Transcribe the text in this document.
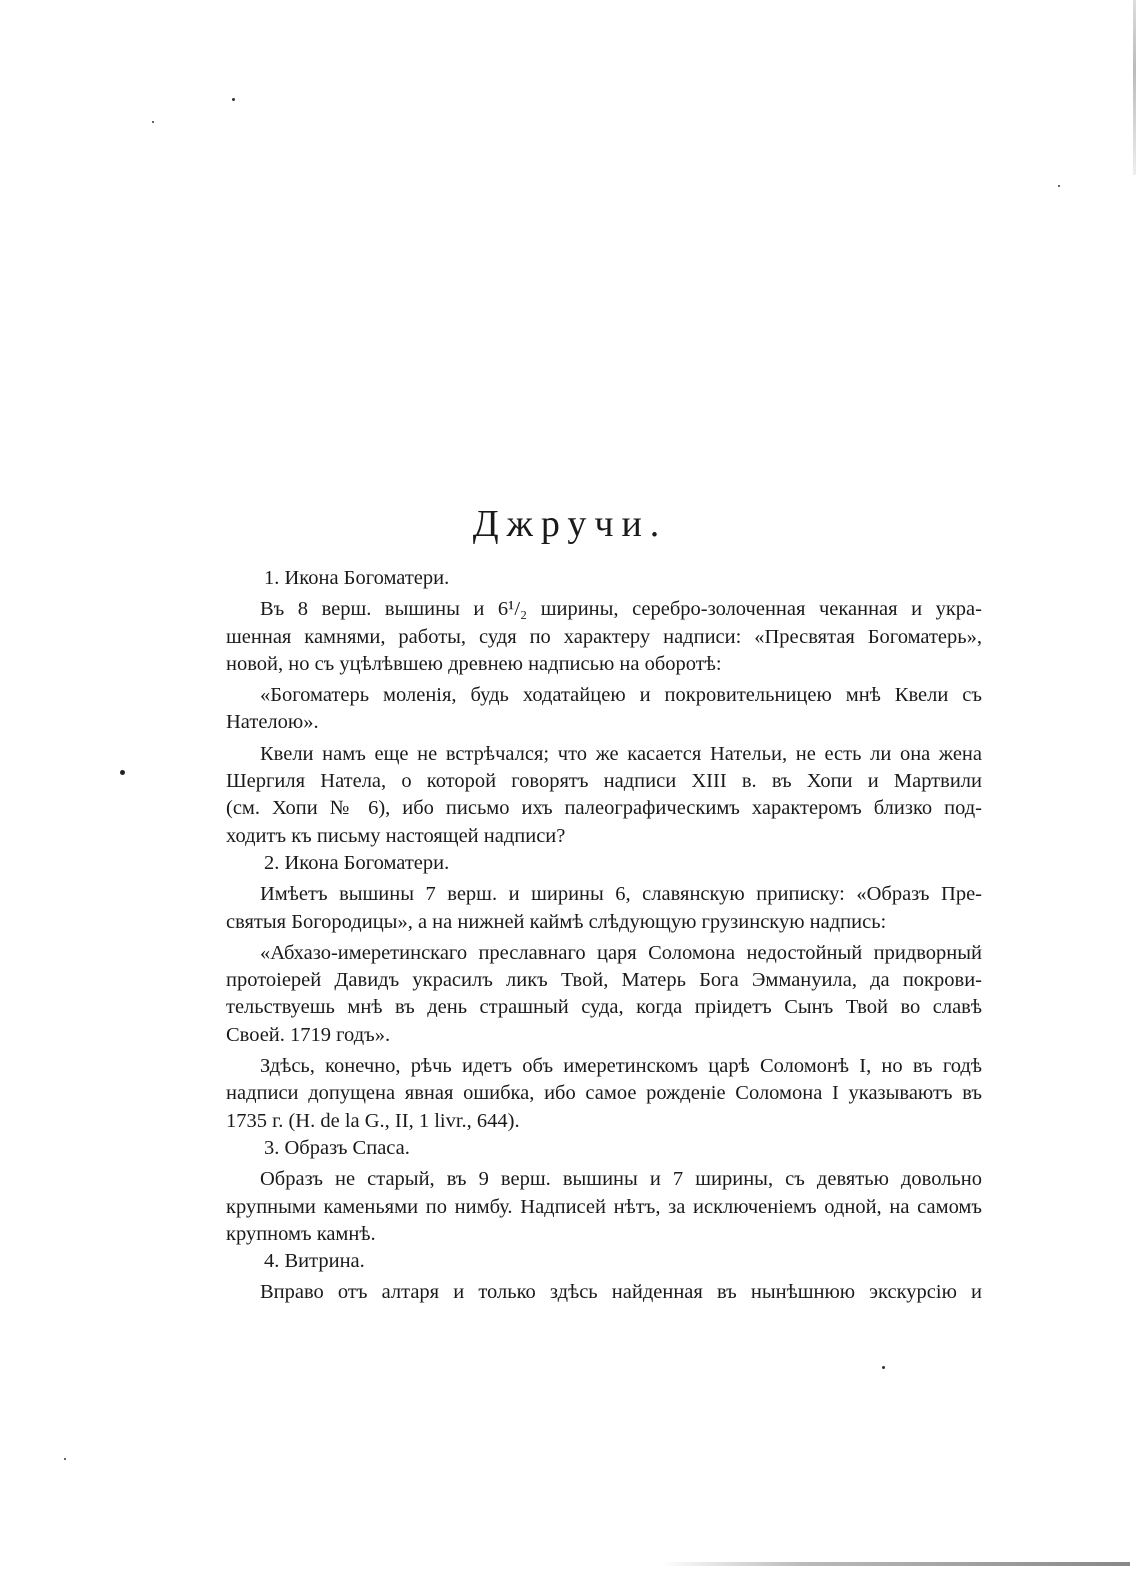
Джручи.
1. Икона Богоматери.
Въ 8 верш. вышины и 6¹/₂ ширины, серебро-золоченная чеканная и укра-
шенная камнями, работы, судя по характеру надписи: «Пресвятая Богоматерь»,
новой, но съ уцѣлѣвшею древнею надписью на оборотѣ:
«Богоматерь моленія, будь ходатайцею и покровительницею мнѣ Квели съ
Нателою».
Квели намъ еще не встрѣчался; что же касается Нательи, не есть ли она жена
Шергиля Натела, о которой говорятъ надписи XIII в. въ Хопи и Мартвили
(см. Хопи № 6), ибо письмо ихъ палеографическимъ характеромъ близко под-
ходитъ къ письму настоящей надписи?
2. Икона Богоматери.
Имѣетъ вышины 7 верш. и ширины 6, славянскую приписку: «Образъ Пре-
святыя Богородицы», а на нижней каймѣ слѣдующую грузинскую надпись:
«Абхазо-имеретинскаго преславнаго царя Соломона недостойный придворный
протоіерей Давидъ украсилъ ликъ Твой, Матерь Бога Эммануила, да покрови-
тельствуешь мнѣ въ день страшный суда, когда пріидетъ Сынъ Твой во славѣ
Своей. 1719 годъ».
Здѣсь, конечно, рѣчь идетъ объ имеретинскомъ царѣ Соломонѣ I, но въ годѣ
надписи допущена явная ошибка, ибо самое рожденіе Соломона I указываютъ въ
1735 г. (H. de la G., II, 1 livr., 644).
3. Образъ Спаса.
Образъ не старый, въ 9 верш. вышины и 7 ширины, съ девятью довольно
крупными каменьями по нимбу. Надписей нѣтъ, за исключеніемъ одной, на самомъ
крупномъ камнѣ.
4. Витрина.
Вправо отъ алтаря и только здѣсь найденная въ нынѣшнюю экскурсію и
